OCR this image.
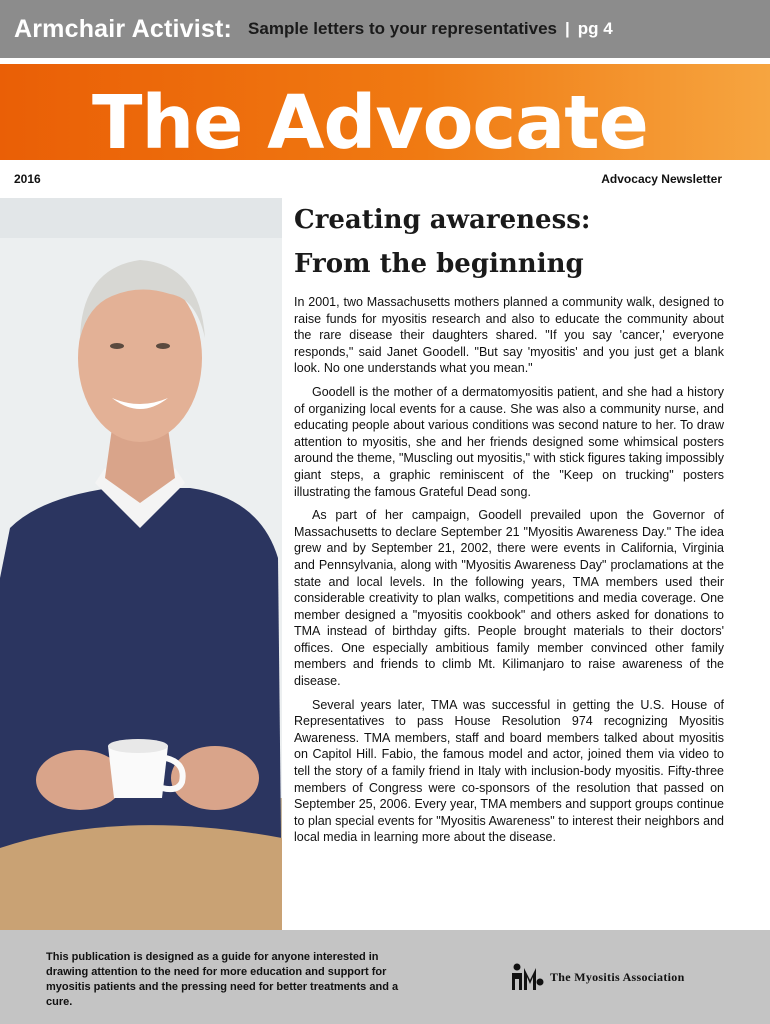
Armchair Activist: Sample letters to your representatives | pg 4
The Advocate
2016	Advocacy Newsletter
Creating awareness:
From the beginning

In 2001, two Massachusetts mothers planned a community walk, designed to raise funds for myositis research and also to educate the community about the rare disease their daughters shared. "If you say 'cancer,' everyone responds," said Janet Goodell. "But say 'myositis' and you just get a blank look. No one understands what you mean."

Goodell is the mother of a dermatomyositis patient, and she had a history of organizing local events for a cause. She was also a community nurse, and educating people about various conditions was second nature to her. To draw attention to myositis, she and her friends designed some whimsical posters around the theme, "Muscling out myositis," with stick figures taking impossibly giant steps, a graphic reminiscent of the "Keep on trucking" posters illustrating the famous Grateful Dead song.

As part of her campaign, Goodell prevailed upon the Governor of Massachusetts to declare September 21 "Myositis Awareness Day." The idea grew and by September 21, 2002, there were events in California, Virginia and Pennsylvania, along with "Myositis Awareness Day" proclamations at the state and local levels. In the following years, TMA members used their considerable creativity to plan walks, competitions and media coverage. One member designed a "myositis cookbook" and others asked for donations to TMA instead of birthday gifts. People brought materials to their doctors' offices. One especially ambitious family member convinced other family members and friends to climb Mt. Kilimanjaro to raise awareness of the disease.

Several years later, TMA was successful in getting the U.S. House of Representatives to pass House Resolution 974 recognizing Myositis Awareness. TMA members, staff and board members talked about myositis on Capitol Hill. Fabio, the famous model and actor, joined them via video to tell the story of a family friend in Italy with inclusion-body myositis. Fifty-three members of Congress were co-sponsors of the resolution that passed on September 25, 2006. Every year, TMA members and support groups continue to plan special events for "Myositis Awareness" to interest their neighbors and local media in learning more about the disease.

This publication is designed as a guide for anyone interested in drawing attention to the need for more education and support for myositis patients and the pressing need for better treatments and a cure.
The Myositis Association
